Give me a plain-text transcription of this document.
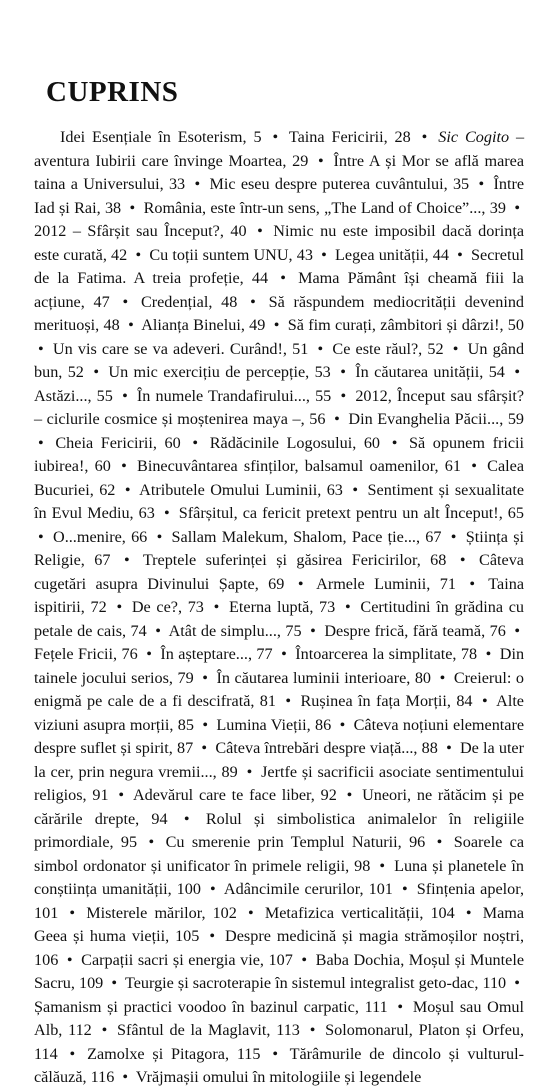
CUPRINS

Idei Esențiale în Esoterism, 5 • Taina Fericirii, 28 • Sic Cogito – aventura Iubirii care învinge Moartea, 29 • Între A și Mor se află marea taina a Universului, 33 • Mic eseu despre puterea cuvântului, 35 • Între Iad și Rai, 38 • România, este într-un sens, „The Land of Choice”..., 39 • 2012 – Sfârșit sau Început?, 40 • Nimic nu este imposibil dacă dorința este curată, 42 • Cu toții suntem UNU, 43 • Legea unității, 44 • Secretul de la Fatima. A treia profeție, 44 • Mama Pământ își cheamă fiii la acțiune, 47 • Credențial, 48 • Să răspundem mediocrității devenind merituoși, 48 • Alianța Binelui, 49 • Să fim curați, zâmbitori și dârzi!, 50 • Un vis care se va adeveri. Curând!, 51 • Ce este răul?, 52 • Un gând bun, 52 • Un mic exercițiu de percepție, 53 • În căutarea unității, 54 • Astăzi..., 55 • În numele Trandafirului..., 55 • 2012, Început sau sfârșit? – ciclurile cosmice și moștenirea maya –, 56 • Din Evanghelia Păcii..., 59 • Cheia Fericirii, 60 • Rădăcinile Logosului, 60 • Să opunem fricii iubirea!, 60 • Binecuvântarea sfinților, balsamul oamenilor, 61 • Calea Bucuriei, 62 • Atributele Omului Luminii, 63 • Sentiment și sexualitate în Evul Mediu, 63 • Sfârșitul, ca fericit pretext pentru un alt Început!, 65 • O...menire, 66 • Sallam Malekum, Shalom, Pace ție..., 67 • Știința și Religie, 67 • Treptele suferinței și găsirea Fericirilor, 68 • Câteva cugetări asupra Divinului Șapte, 69 • Armele Luminii, 71 • Taina ispitirii, 72 • De ce?, 73 • Eterna luptă, 73 • Certitudini în grădina cu petale de cais, 74 • Atât de simplu..., 75 • Despre frică, fără teamă, 76 • Fețele Fricii, 76 • În așteptare..., 77 • Întoarcerea la simplitate, 78 • Din tainele jocului serios, 79 • În căutarea luminii interioare, 80 • Creierul: o enigmă pe cale de a fi descifrată, 81 • Rușinea în fața Morții, 84 • Alte viziuni asupra morții, 85 • Lumina Vieții, 86 • Câteva noțiuni elementare despre suflet și spirit, 87 • Câteva întrebări despre viață..., 88 • De la uter la cer, prin negura vremii..., 89 • Jertfe și sacrificii asociate sentimentului religios, 91 • Adevărul care te face liber, 92 • Uneori, ne rătăcim și pe cărările drepte, 94 • Rolul și simbolistica animalelor în religiile primordiale, 95 • Cu smerenie prin Templul Naturii, 96 • Soarele ca simbol ordonator și unificator în primele religii, 98 • Luna și planetele în conștiința umanității, 100 • Adâncimile cerurilor, 101 • Sfințenia apelor, 101 • Misterele mărilor, 102 • Metafizica verticalității, 104 • Mama Geea și huma vieții, 105 • Despre medicină și magia strămoșilor noștri, 106 • Carpații sacri și energia vie, 107 • Baba Dochia, Moșul și Muntele Sacru, 109 • Teurgie și sacroterapie în sistemul integralist geto-dac, 110 • Șamanism și practici voodoo în bazinul carpatic, 111 • Moșul sau Omul Alb, 112 • Sfântul de la Maglavit, 113 • Solomonarul, Platon și Orfeu, 114 • Zamolxe și Pitagora, 115 • Tărâmurile de dincolo și vulturul-călăuză, 116 • Vrăjmașii omului în mitologiile și legendele
